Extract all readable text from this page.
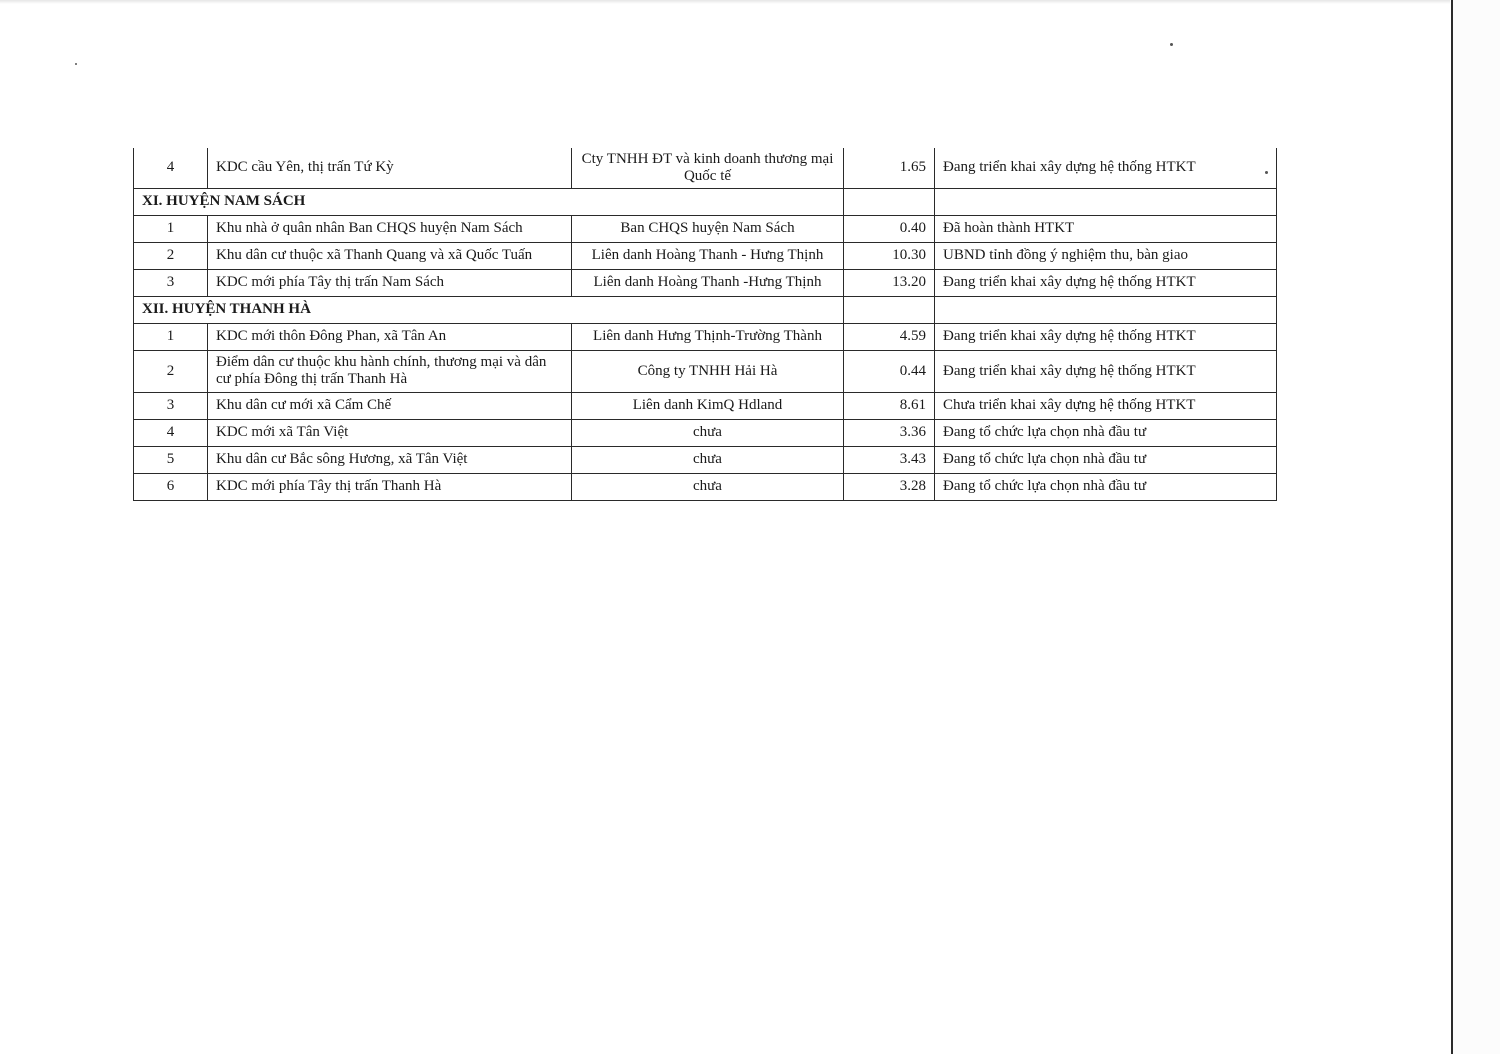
4	KDC cầu Yên, thị trấn Tứ Kỳ	Cty TNHH ĐT và kinh doanh thương mại Quốc tế	1.65	Đang triển khai xây dựng hệ thống HTKT
XI. HUYỆN NAM SÁCH				
1	Khu nhà ở quân nhân Ban CHQS huyện Nam Sách	Ban CHQS huyện Nam Sách	0.40	Đã hoàn thành HTKT
2	Khu dân cư thuộc xã Thanh Quang và xã Quốc Tuấn	Liên danh Hoàng Thanh - Hưng Thịnh	10.30	UBND tỉnh đồng ý nghiệm thu, bàn giao
3	KDC mới phía Tây thị trấn Nam Sách	Liên danh Hoàng Thanh -Hưng Thịnh	13.20	Đang triển khai xây dựng hệ thống HTKT
XII. HUYỆN THANH HÀ				
1	KDC mới thôn Đông Phan, xã Tân An	Liên danh Hưng Thịnh-Trường Thành	4.59	Đang triển khai xây dựng hệ thống HTKT
2	Điểm dân cư thuộc khu hành chính, thương mại và dân cư phía Đông thị trấn Thanh Hà	Công ty TNHH Hải Hà	0.44	Đang triển khai xây dựng hệ thống HTKT
3	Khu dân cư mới xã Cẩm Chế	Liên danh KimQ Hdland	8.61	Chưa triển khai xây dựng hệ thống HTKT
4	KDC mới xã Tân Việt	chưa	3.36	Đang tổ chức lựa chọn nhà đầu tư
5	Khu dân cư Bắc sông Hương, xã Tân Việt	chưa	3.43	Đang tổ chức lựa chọn nhà đầu tư
6	KDC mới phía Tây thị trấn Thanh Hà	chưa	3.28	Đang tổ chức lựa chọn nhà đầu tư
